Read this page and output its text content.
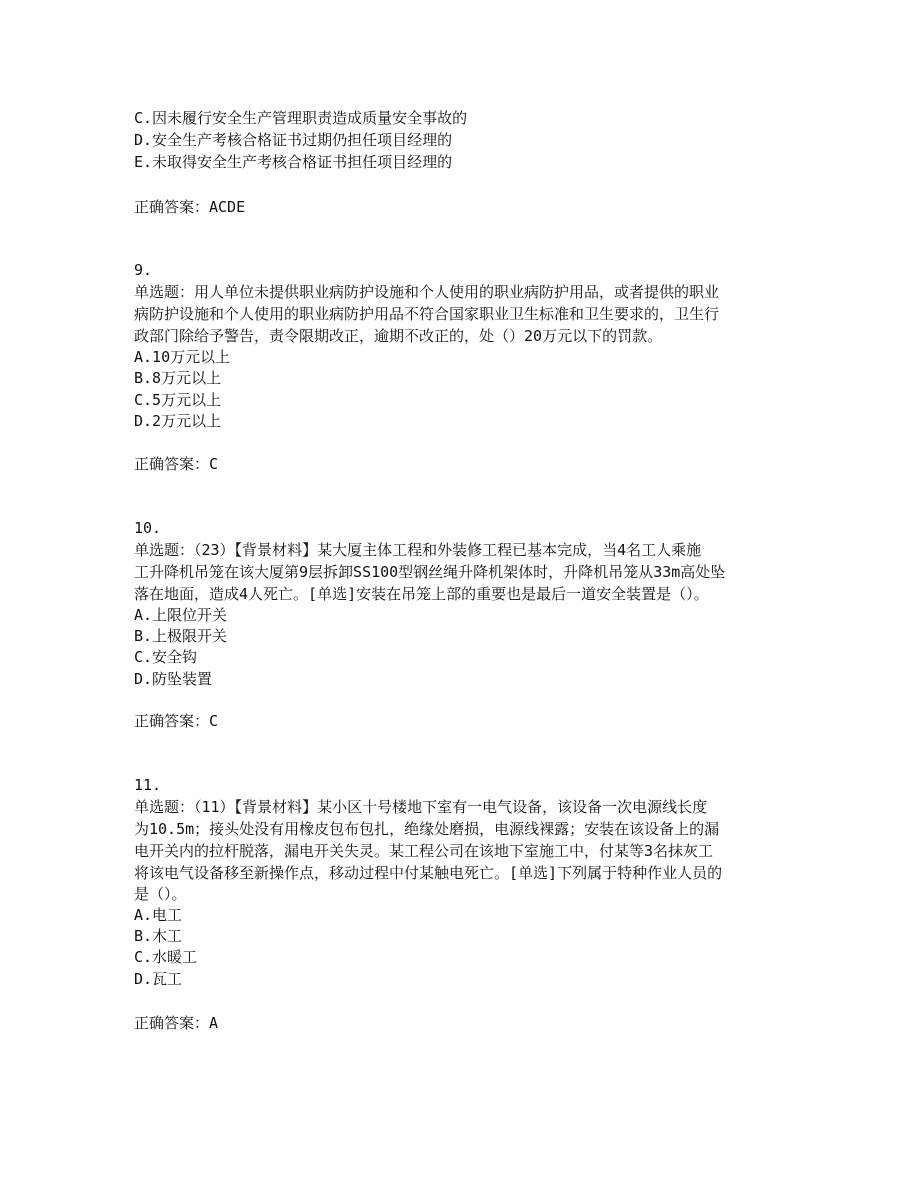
C.因未履行安全生产管理职责造成质量安全事故的
D.安全生产考核合格证书过期仍担任项目经理的
E.未取得安全生产考核合格证书担任项目经理的
正确答案：ACDE
9.
单选题：用人单位未提供职业病防护设施和个人使用的职业病防护用品，或者提供的职业
病防护设施和个人使用的职业病防护用品不符合国家职业卫生标准和卫生要求的，卫生行
政部门除给予警告，责令限期改正，逾期不改正的，处（）20万元以下的罚款。
A.10万元以上
B.8万元以上
C.5万元以上
D.2万元以上
正确答案：C
10.
单选题：（23）【背景材料】某大厦主体工程和外装修工程已基本完成，当4名工人乘施
工升降机吊笼在该大厦第9层拆卸SS100型钢丝绳升降机架体时，升降机吊笼从33m高处坠
落在地面，造成4人死亡。[单选]安装在吊笼上部的重要也是最后一道安全装置是（）。
A.上限位开关
B.上极限开关
C.安全钩
D.防坠装置
正确答案：C
11.
单选题：（11）【背景材料】某小区十号楼地下室有一电气设备，该设备一次电源线长度
为10.5m；接头处没有用橡皮包布包扎，绝缘处磨损，电源线裸露；安装在该设备上的漏
电开关内的拉杆脱落，漏电开关失灵。某工程公司在该地下室施工中，付某等3名抹灰工
将该电气设备移至新操作点，移动过程中付某触电死亡。[单选]下列属于特种作业人员的
是（）。
A.电工
B.木工
C.水暖工
D.瓦工
正确答案：A
